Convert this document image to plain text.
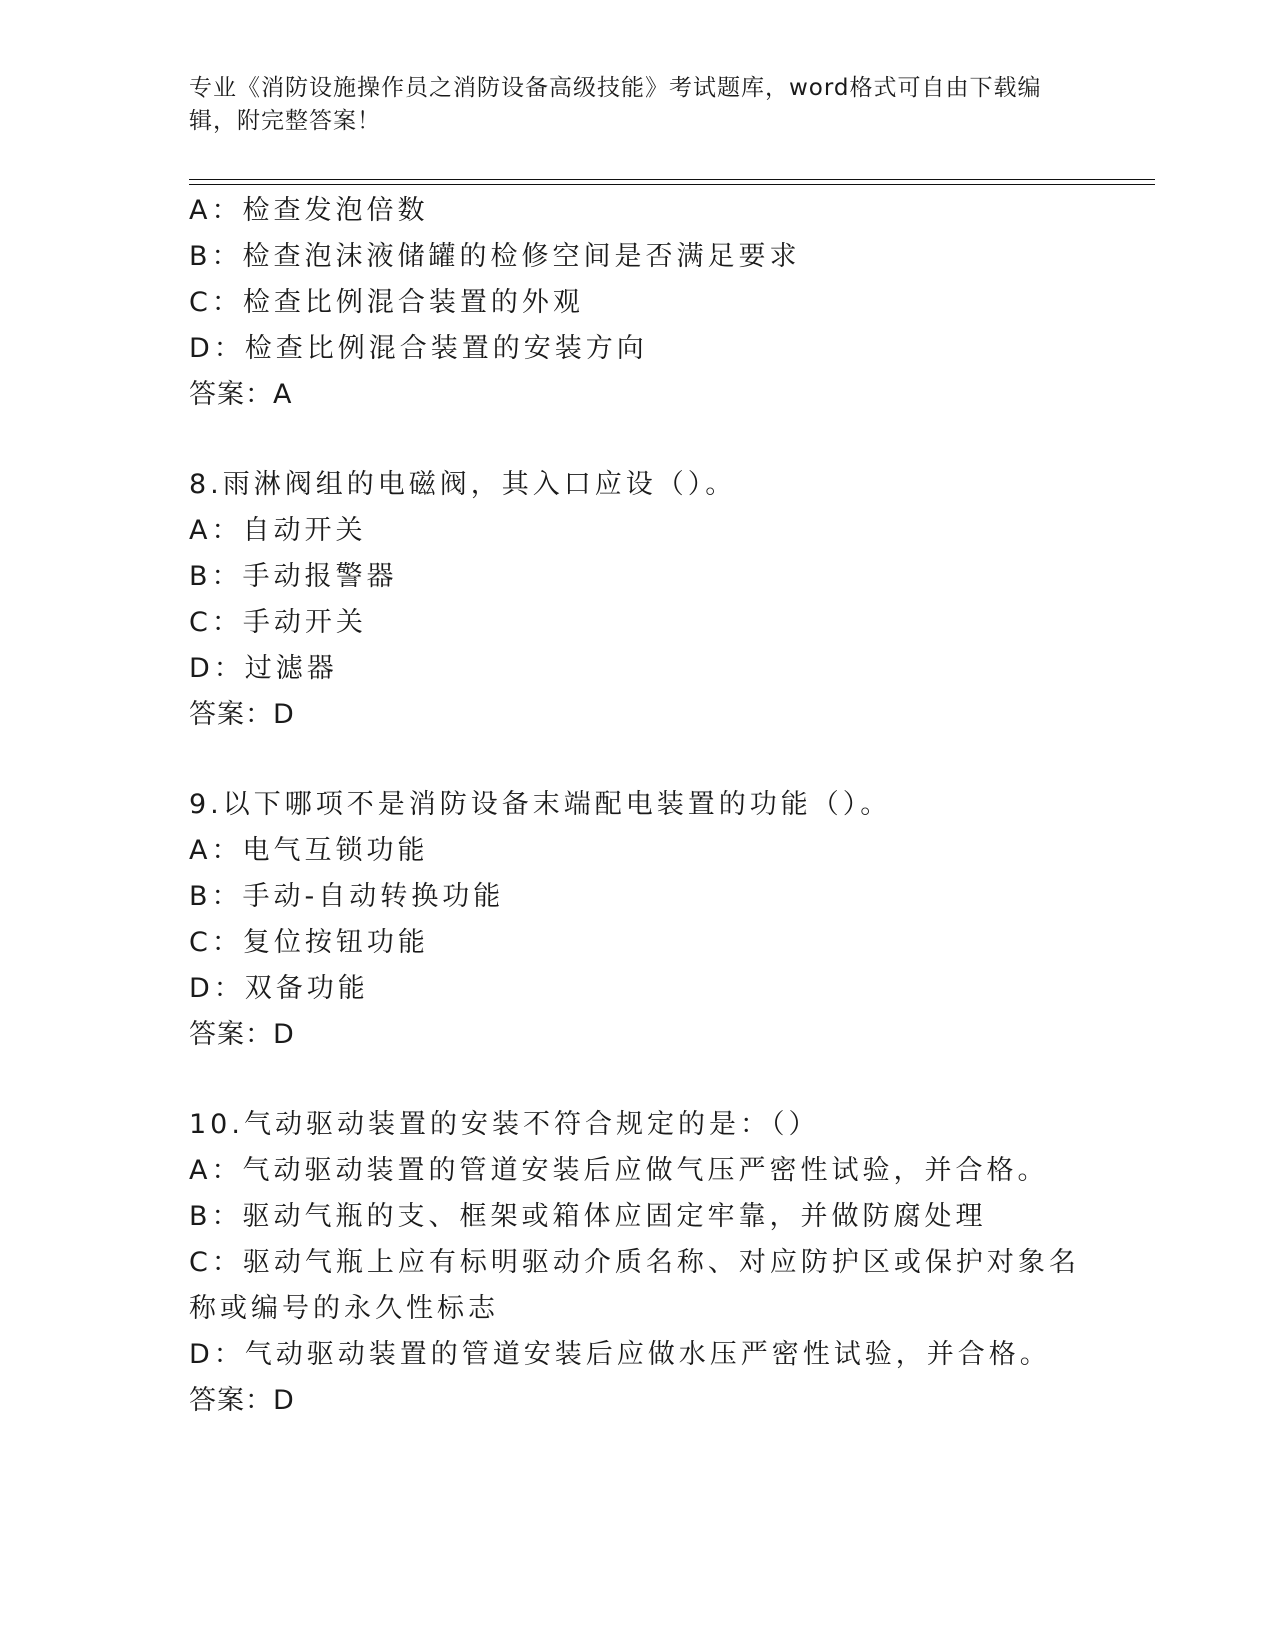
专业《消防设施操作员之消防设备高级技能》考试题库，word格式可自由下载编辑，附完整答案！
A：检查发泡倍数
B：检查泡沫液储罐的检修空间是否满足要求
C：检查比例混合装置的外观
D：检查比例混合装置的安装方向
答案：A
8.雨淋阀组的电磁阀，其入口应设（）。
A：自动开关
B：手动报警器
C：手动开关
D：过滤器
答案：D
9.以下哪项不是消防设备末端配电装置的功能（）。
A：电气互锁功能
B：手动-自动转换功能
C：复位按钮功能
D：双备功能
答案：D
10.气动驱动装置的安装不符合规定的是：（）
A：气动驱动装置的管道安装后应做气压严密性试验，并合格。
B：驱动气瓶的支、框架或箱体应固定牢靠，并做防腐处理
C：驱动气瓶上应有标明驱动介质名称、对应防护区或保护对象名称或编号的永久性标志
D：气动驱动装置的管道安装后应做水压严密性试验，并合格。
答案：D
